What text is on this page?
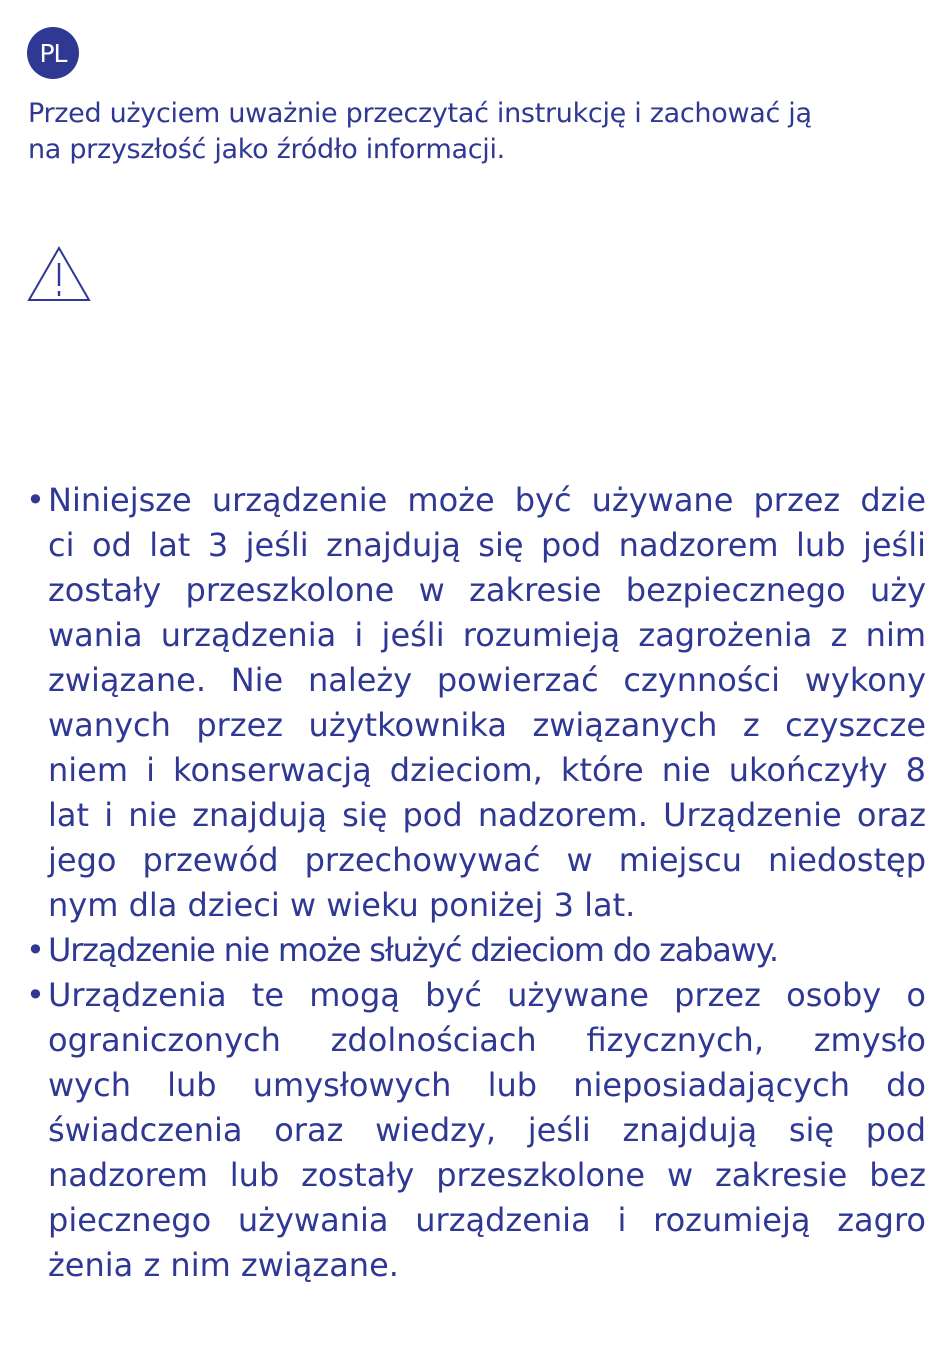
PL
Przed użyciem uważnie przeczytać instrukcję i zachować ją
na przyszłość jako źródło informacji.
• Niniejsze urządzenie może być używane przez dzie
ci od lat 3 jeśli znajdują się pod nadzorem lub jeśli
zostały przeszkolone w zakresie bezpiecznego uży
wania urządzenia i jeśli rozumieją zagrożenia z nim
związane. Nie należy powierzać czynności wykony
wanych przez użytkownika związanych z czyszcze
niem i konserwacją dzieciom, które nie ukończyły 8
lat i nie znajdują się pod nadzorem. Urządzenie oraz
jego przewód przechowywać w miejscu niedostęp
nym dla dzieci w wieku poniżej 3 lat.
• Urządzenie nie może służyć dzieciom do zabawy.
• Urządzenia te mogą być używane przez osoby o
ograniczonych zdolnościach fizycznych, zmysło
wych lub umysłowych lub nieposiadających do
świadczenia oraz wiedzy, jeśli znajdują się pod
nadzorem lub zostały przeszkolone w zakresie bez
piecznego używania urządzenia i rozumieją zagro
żenia z nim związane.
